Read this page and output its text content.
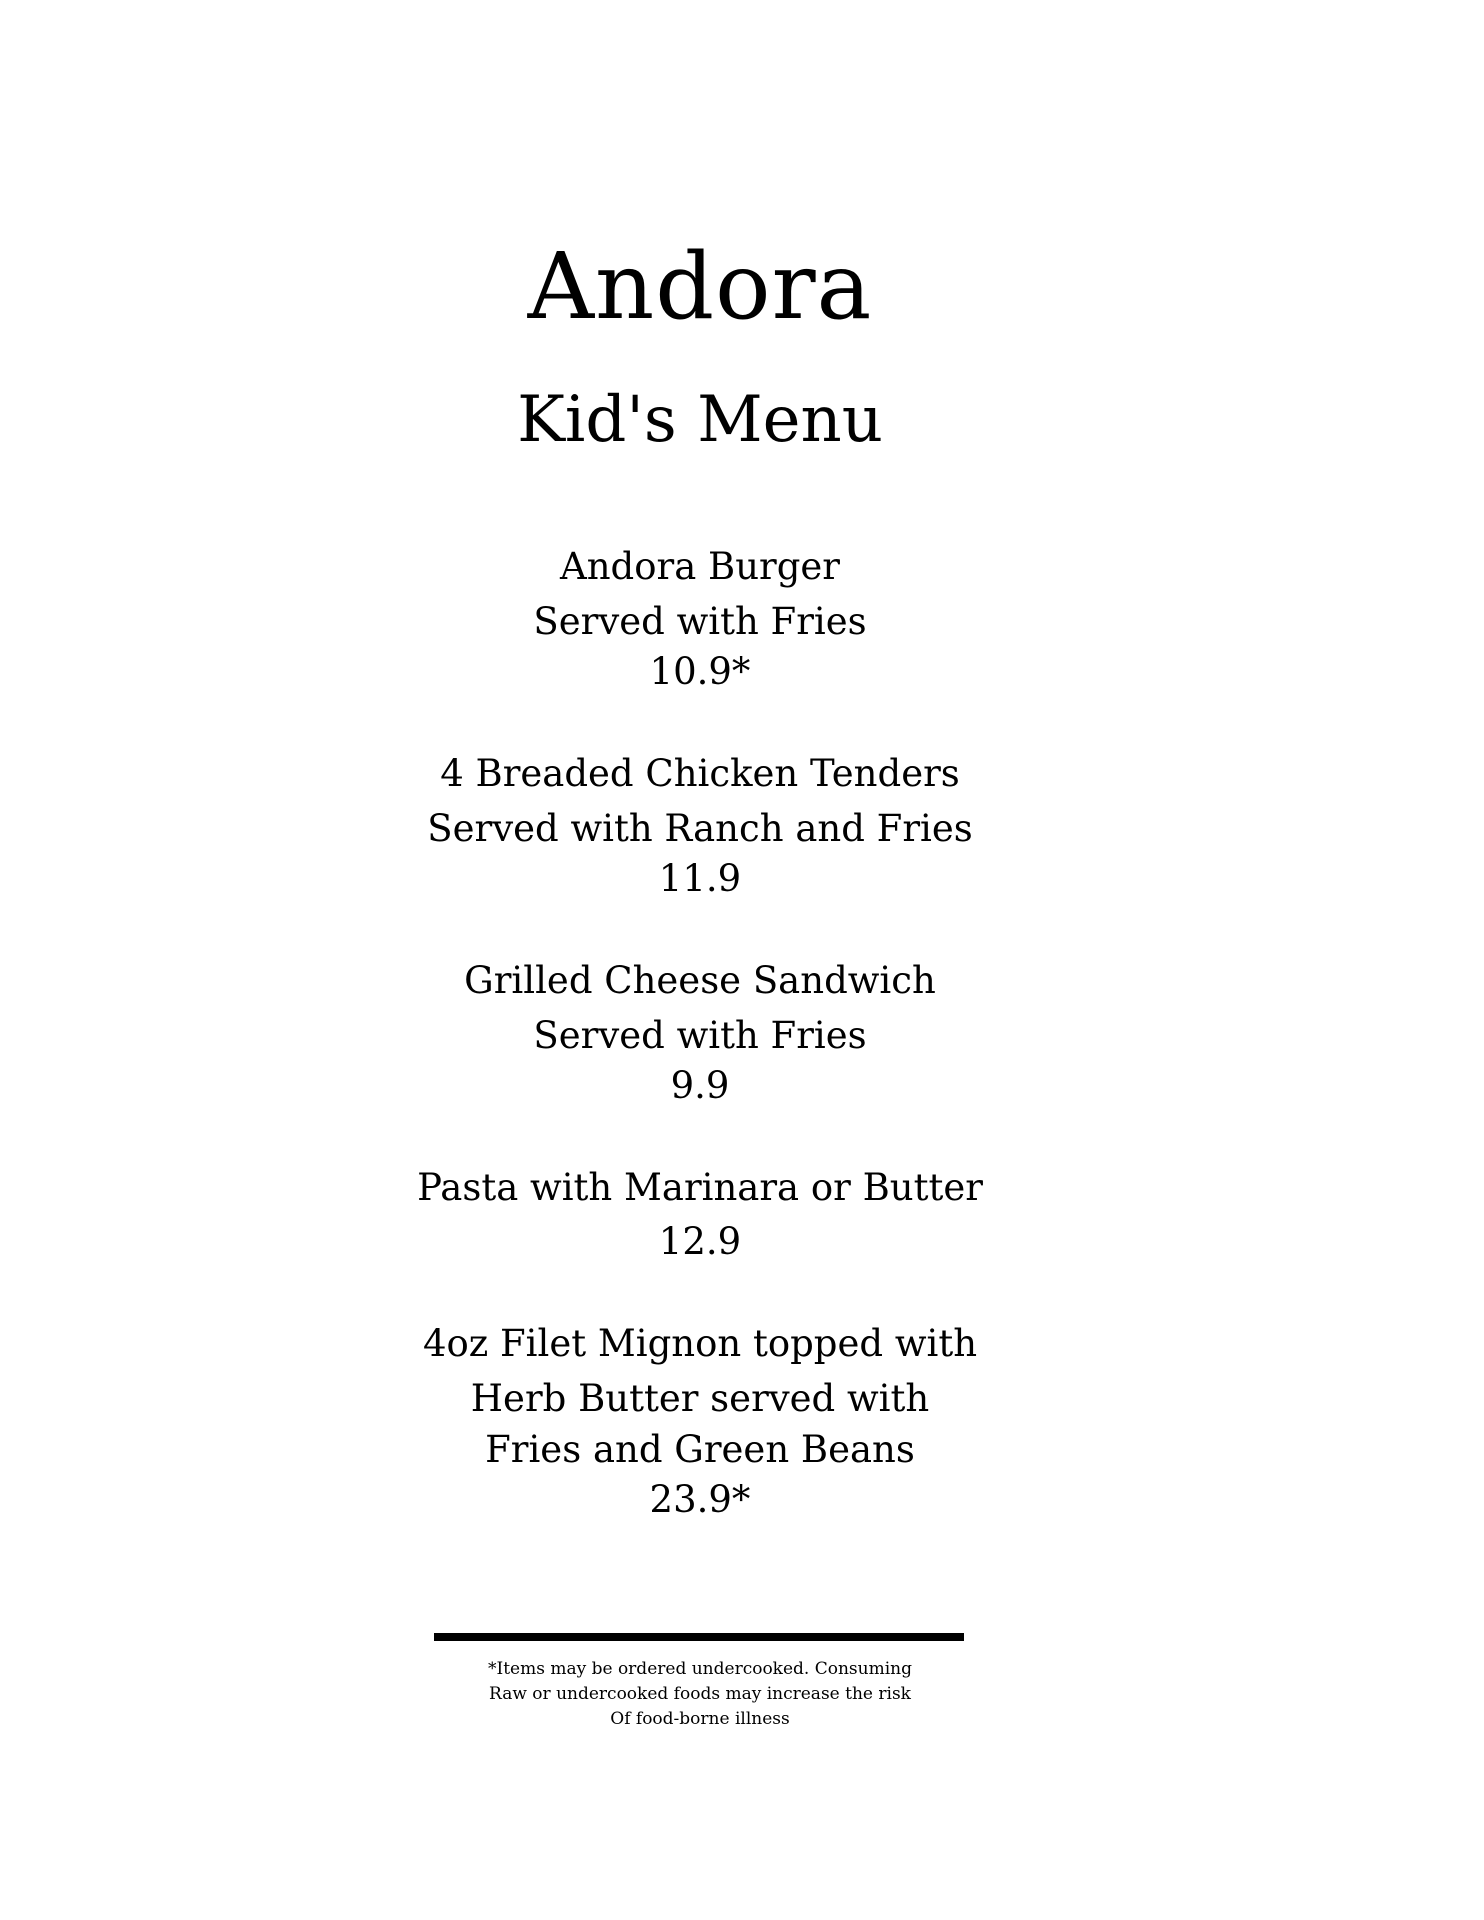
Andora
Kid's Menu
Andora Burger
Served with Fries
10.9*
4 Breaded Chicken Tenders
Served with Ranch and Fries
11.9
Grilled Cheese Sandwich
Served with Fries
9.9
Pasta with Marinara or Butter
12.9
4oz Filet Mignon topped with
Herb Butter served with
Fries and Green Beans
23.9*
*Items may be ordered undercooked. Consuming
Raw or undercooked foods may increase the risk
Of food-borne illness
